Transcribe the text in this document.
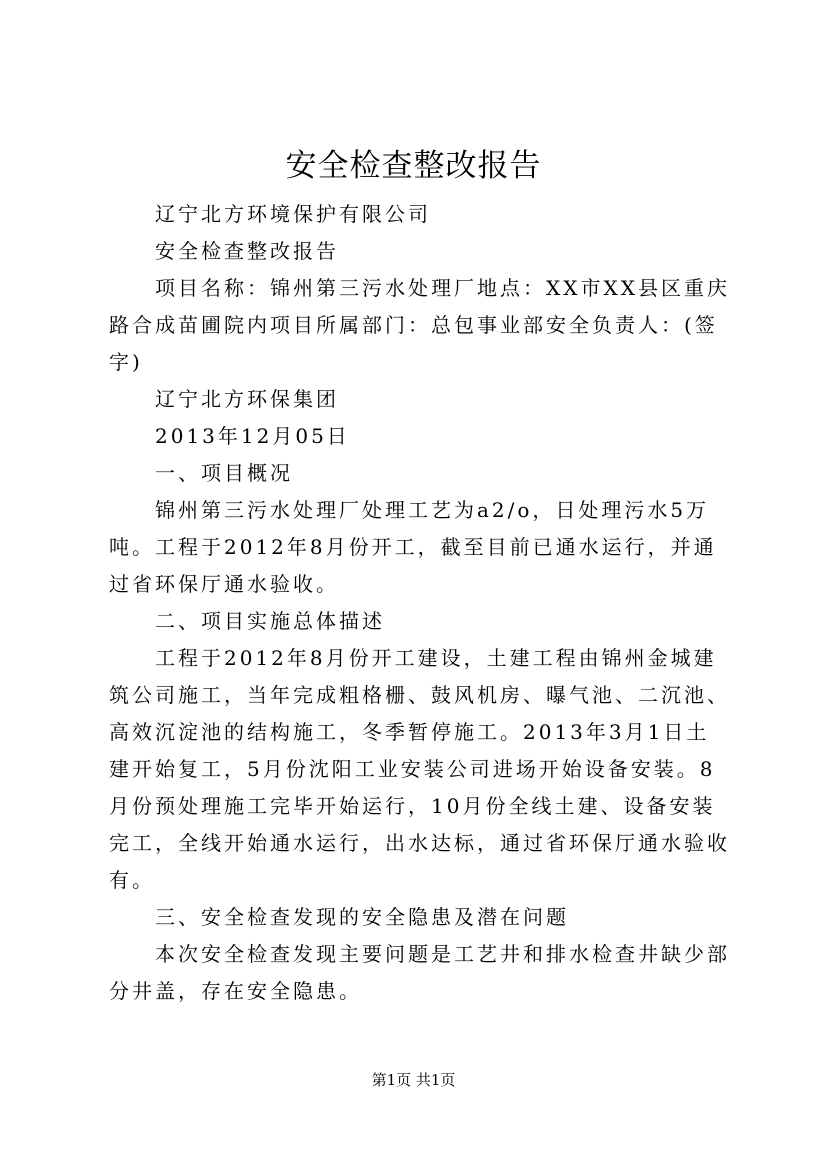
安全检查整改报告

辽宁北方环境保护有限公司

安全检查整改报告

项目名称：锦州第三污水处理厂地点：XX市XX县区重庆路合成苗圃院内项目所属部门：总包事业部安全负责人：(签字)

辽宁北方环保集团

2013年12月05日

一、项目概况

锦州第三污水处理厂处理工艺为a2/o，日处理污水5万吨。工程于2012年8月份开工，截至目前已通水运行，并通过省环保厅通水验收。

二、项目实施总体描述

工程于2012年8月份开工建设，土建工程由锦州金城建筑公司施工，当年完成粗格栅、鼓风机房、曝气池、二沉池、高效沉淀池的结构施工，冬季暂停施工。2013年3月1日土建开始复工，5月份沈阳工业安装公司进场开始设备安装。8月份预处理施工完毕开始运行，10月份全线土建、设备安装完工，全线开始通水运行，出水达标，通过省环保厅通水验收有。

三、安全检查发现的安全隐患及潜在问题

本次安全检查发现主要问题是工艺井和排水检查井缺少部分井盖，存在安全隐患。

第1页 共1页
